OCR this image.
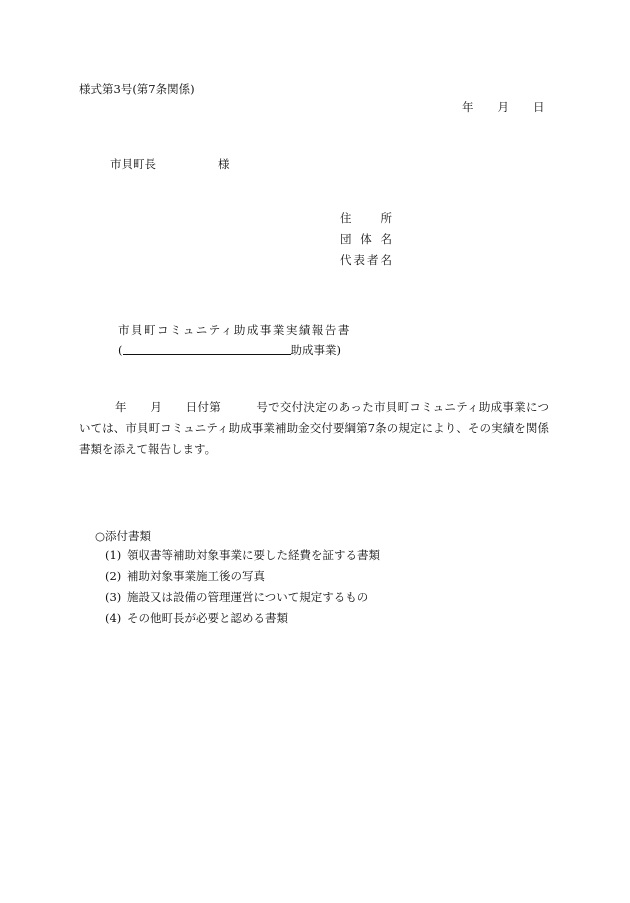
様式第3号(第7条関係)
年 月 日
市貝町長	様
住　所
団体名
代表者名
市貝町コミュニティ助成事業実績報告書
(	助成事業)
年　　月　　日付第　　　号で交付決定のあった市貝町コミュニティ助成事業については、市貝町コミュニティ助成事業補助金交付要綱第7条の規定により、その実績を関係書類を添えて報告します。
○添付書類
(1) 領収書等補助対象事業に要した経費を証する書類
(2) 補助対象事業施工後の写真
(3) 施設又は設備の管理運営について規定するもの
(4) その他町長が必要と認める書類
